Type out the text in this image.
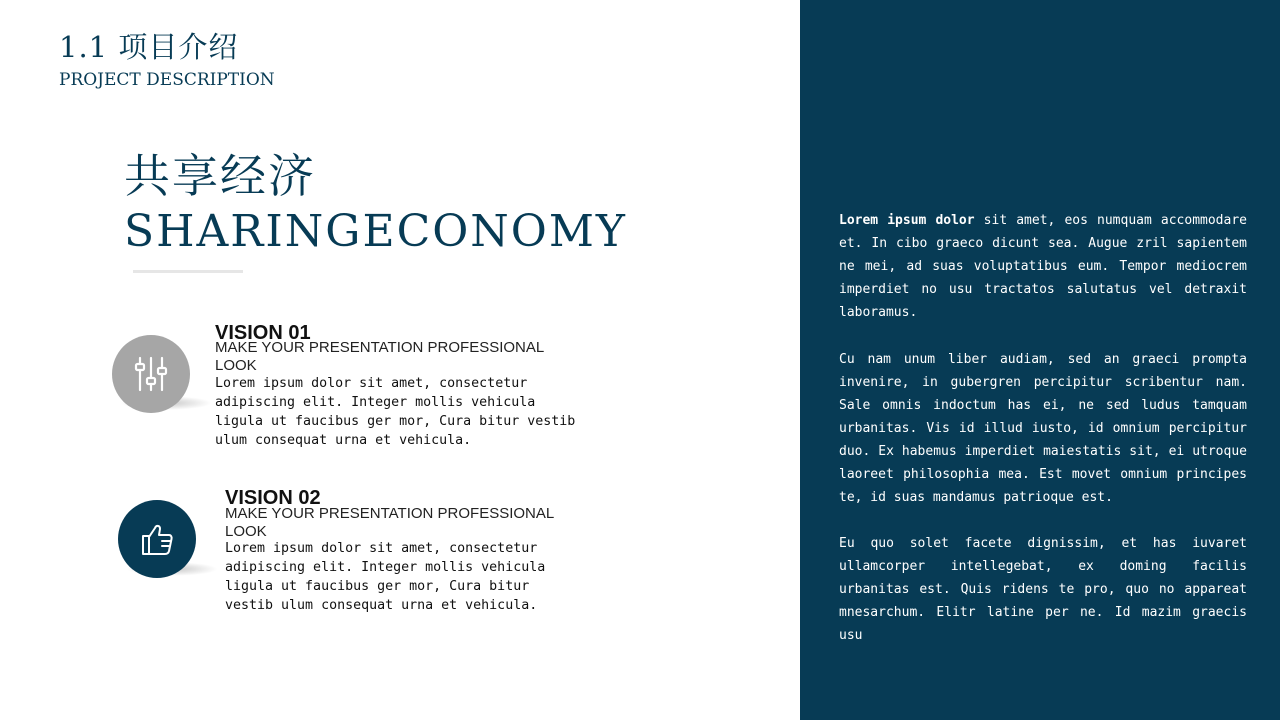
1.1 项目介绍
PROJECT DESCRIPTION
共享经济
SHARINGECONOMY
VISION 01
MAKE YOUR PRESENTATION PROFESSIONAL LOOK
Lorem ipsum dolor sit amet, consectetur adipiscing elit. Integer mollis vehicula ligula ut faucibus ger mor, Cura bitur vestib ulum consequat urna et vehicula.
VISION 02
MAKE YOUR PRESENTATION PROFESSIONAL LOOK
Lorem ipsum dolor sit amet, consectetur adipiscing elit. Integer mollis vehicula ligula ut faucibus ger mor, Cura bitur vestib ulum consequat urna et vehicula.
Lorem ipsum dolor sit amet, eos numquam accommodare et. In cibo graeco dicunt sea. Augue zril sapientem ne mei, ad suas voluptatibus eum. Tempor mediocrem imperdiet no usu tractatos salutatus vel detraxit laboramus.
Cu nam unum liber audiam, sed an graeci prompta invenire, in gubergren percipitur scribentur nam. Sale omnis indoctum has ei, ne sed ludus tamquam urbanitas. Vis id illud iusto, id omnium percipitur duo. Ex habemus imperdiet maiestatis sit, ei utroque laoreet philosophia mea. Est movet omnium principes te, id suas mandamus patrioque est.
Eu quo solet facete dignissim, et has iuvaret ullamcorper intellegebat, ex doming facilis urbanitas est. Quis ridens te pro, quo no appareat mnesarchum. Elitr latine per ne. Id mazim graecis usu
